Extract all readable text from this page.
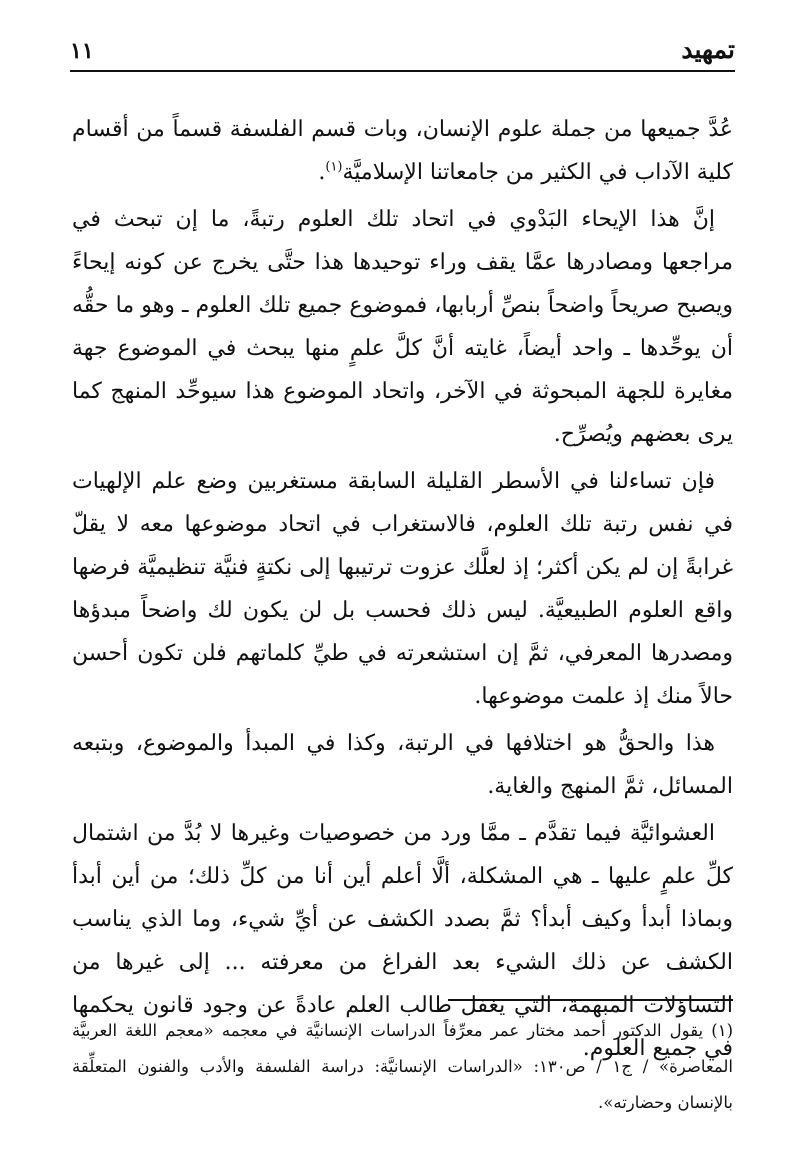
تمهيد
١١

عُدَّ جميعها من جملة علوم الإنسان، وبات قسم الفلسفة قسماً من أقسام كلية الآداب في الكثير من جامعاتنا الإسلاميَّة$^{(١)}$.

إنَّ هذا الإيحاء البَدْوي في اتحاد تلك العلوم رتبةً، ما إن تبحث في مراجعها ومصادرها عمَّا يقف وراء توحيدها هذا حتَّى يخرج عن كونه إيحاءً ويصبح صريحاً واضحاً بنصِّ أربابها، فموضوع جميع تلك العلوم ـ وهو ما حقُّه أن يوحِّدها ـ واحد أيضاً، غايته أنَّ كلَّ علمٍ منها يبحث في الموضوع جهة مغايرة للجهة المبحوثة في الآخر، واتحاد الموضوع هذا سيوحِّد المنهج كما يرى بعضهم ويُصرِّح.

فإن تساءلنا في الأسطر القليلة السابقة مستغربين وضع علم الإلهيات في نفس رتبة تلك العلوم، فالاستغراب في اتحاد موضوعها معه لا يقلّ غرابةً إن لم يكن أكثر؛ إذ لعلَّك عزوت ترتيبها إلى نكتةٍ فنيَّة تنظيميَّة فرضها واقع العلوم الطبيعيَّة. ليس ذلك فحسب بل لن يكون لك واضحاً مبدؤها ومصدرها المعرفي، ثمَّ إن استشعرته في طيِّ كلماتهم فلن تكون أحسن حالاً منك إذ علمت موضوعها.

هذا والحقُّ هو اختلافها في الرتبة، وكذا في المبدأ والموضوع، وبتبعه المسائل، ثمَّ المنهج والغاية.

العشوائيَّة فيما تقدَّم ـ ممَّا ورد من خصوصيات وغيرها لا بُدَّ من اشتمال كلِّ علمٍ عليها ـ هي المشكلة، ألَّا أعلم أين أنا من كلِّ ذلك؛ من أين أبدأ وبماذا أبدأ وكيف أبدأ؟ ثمَّ بصدد الكشف عن أيِّ شيء، وما الذي يناسب الكشف عن ذلك الشيء بعد الفراغ من معرفته ... إلى غيرها من التساؤلات المبهمة، التي يغفل طالب العلم عادةً عن وجود قانون يحكمها في جميع العلوم.

(١) يقول الدكتور أحمد مختار عمر معرِّفاً الدراسات الإنسانيَّة في معجمه «معجم اللغة العربيَّة المعاصرة» / ج١ / ص١٣٠: «الدراسات الإنسانيَّة: دراسة الفلسفة والأدب والفنون المتعلِّقة بالإنسان وحضارته».
